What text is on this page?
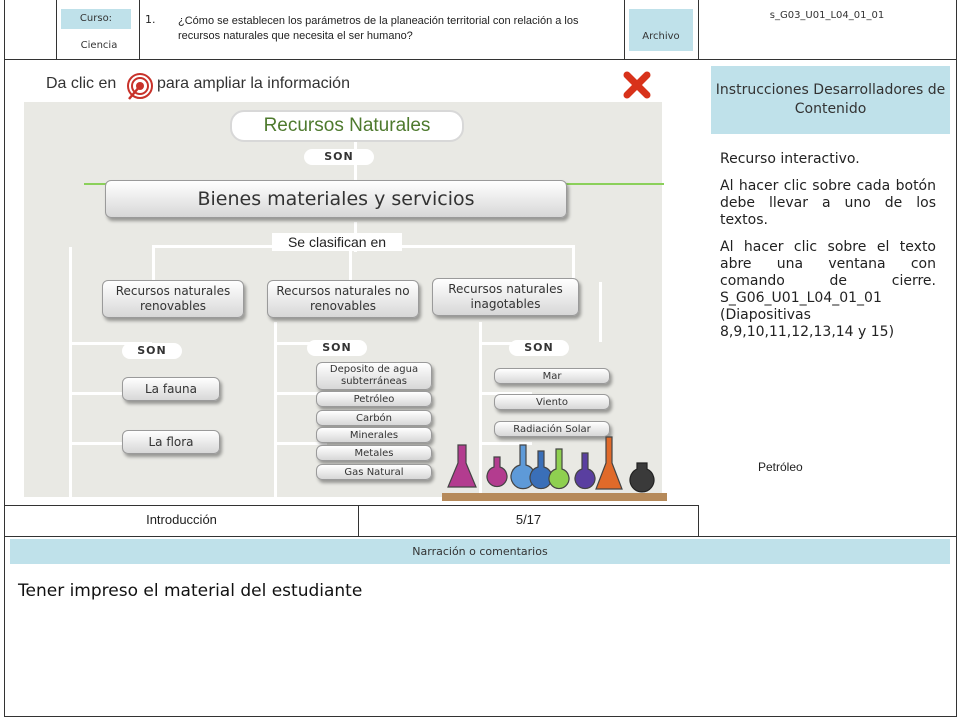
Curso:
Ciencia
1. ¿Cómo se establecen los parámetros de la planeación territorial con relación a los recursos naturales que necesita el ser humano?	Archivo
s_G03_U01_L04_01_01
Instrucciones Desarrolladores de Contenido
Recurso interactivo.
Al hacer clic sobre cada botón debe llevar a uno de los textos.
Al hacer clic sobre el texto abre una ventana con comando de cierre. S_G06_U01_L04_01_01 (Diapositivas 8,9,10,11,12,13,14 y 15)
Petróleo
Introducción	5/17
Narración o comentarios
Tener impreso el material del estudiante
Da clic en	para ampliar la información
Recursos Naturales
SON
Bienes materiales y servicios
Se clasifican en
Recursos naturales renovables
Recursos naturales no renovables
Recursos naturales inagotables
SON	SON	SON
La fauna
La flora
Deposito de agua subterráneas
Petróleo
Carbón
Minerales
Metales
Gas Natural
Mar
Viento
Radiación Solar
